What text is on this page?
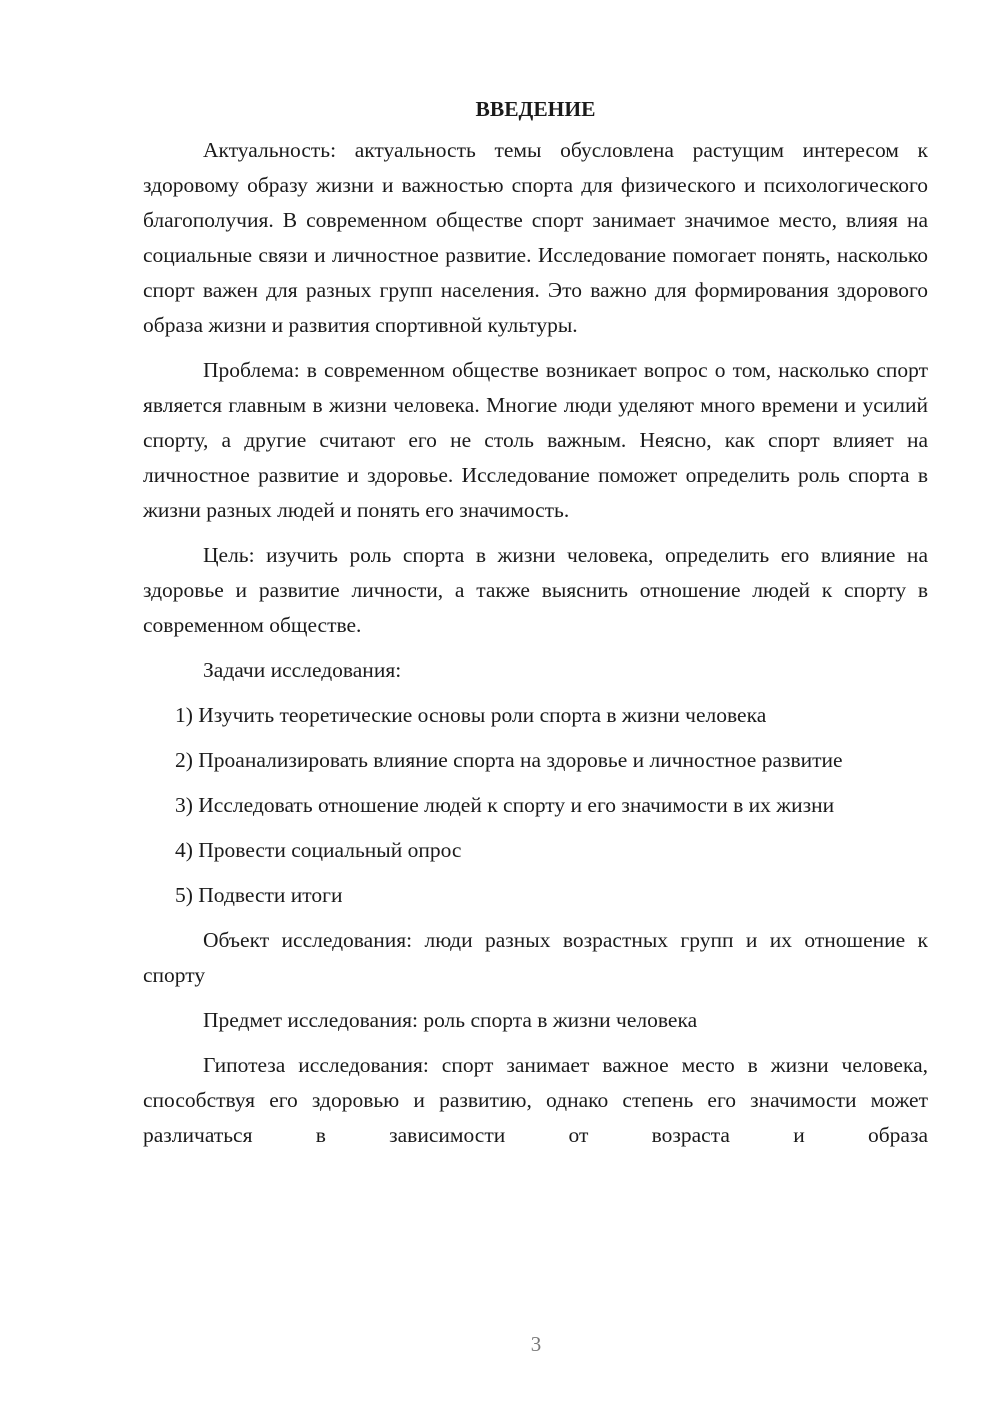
ВВЕДЕНИЕ

Актуальность: актуальность темы обусловлена растущим интересом к здоровому образу жизни и важностью спорта для физического и психологического благополучия. В современном обществе спорт занимает значимое место, влияя на социальные связи и личностное развитие. Исследование помогает понять, насколько спорт важен для разных групп населения. Это важно для формирования здорового образа жизни и развития спортивной культуры.

Проблема: в современном обществе возникает вопрос о том, насколько спорт является главным в жизни человека. Многие люди уделяют много времени и усилий спорту, а другие считают его не столь важным. Неясно, как спорт влияет на личностное развитие и здоровье. Исследование поможет определить роль спорта в жизни разных людей и понять его значимость.

Цель: изучить роль спорта в жизни человека, определить его влияние на здоровье и развитие личности, а также выяснить отношение людей к спорту в современном обществе.

Задачи исследования:

1) Изучить теоретические основы роли спорта в жизни человека

2) Проанализировать влияние спорта на здоровье и личностное развитие

3) Исследовать отношение людей к спорту и его значимости в их жизни

4) Провести социальный опрос

5) Подвести итоги

Объект исследования: люди разных возрастных групп и их отношение к спорту

Предмет исследования: роль спорта в жизни человека

Гипотеза исследования: спорт занимает важное место в жизни человека, способствуя его здоровью и развитию, однако степень его значимости может различаться в зависимости от возраста и образа

3
